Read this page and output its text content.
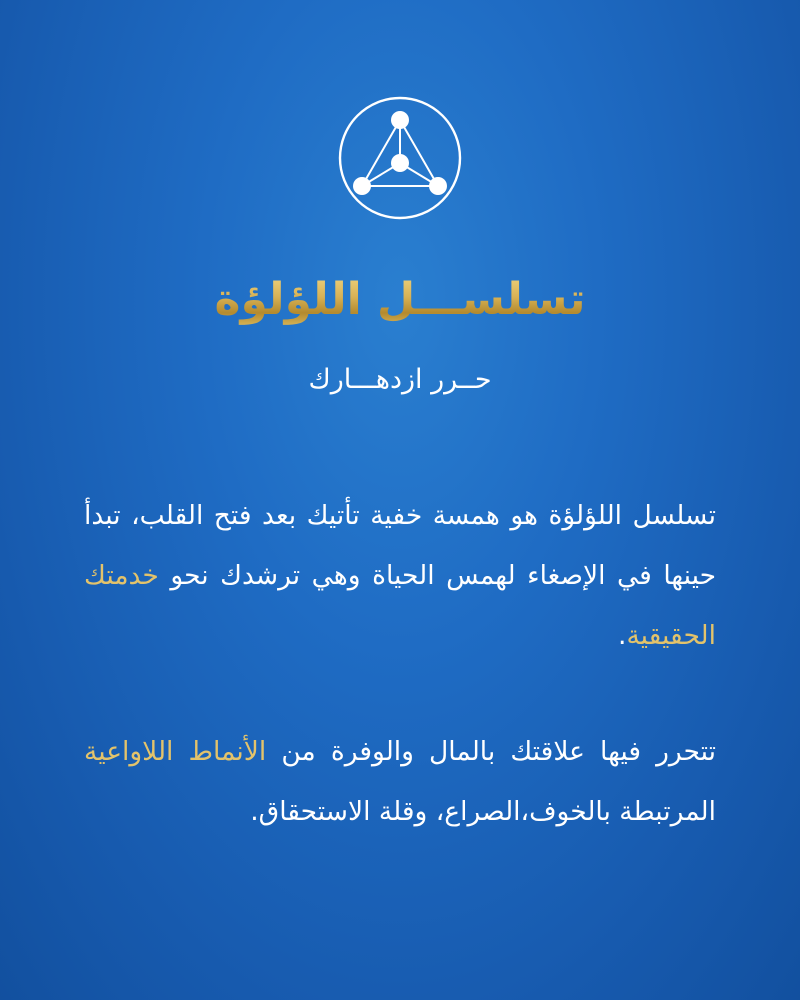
تسلســـل اللؤلؤة
حــرر ازدهـــارك

تسلسل اللؤلؤة هو همسة خفية تأتيك بعد فتح القلب، تبدأ حينها في الإصغاء لهمس الحياة وهي ترشدك نحو خدمتك الحقيقية.

تتحرر فيها علاقتك بالمال والوفرة من الأنماط اللاواعية المرتبطة بالخوف،الصراع، وقلة الاستحقاق.
